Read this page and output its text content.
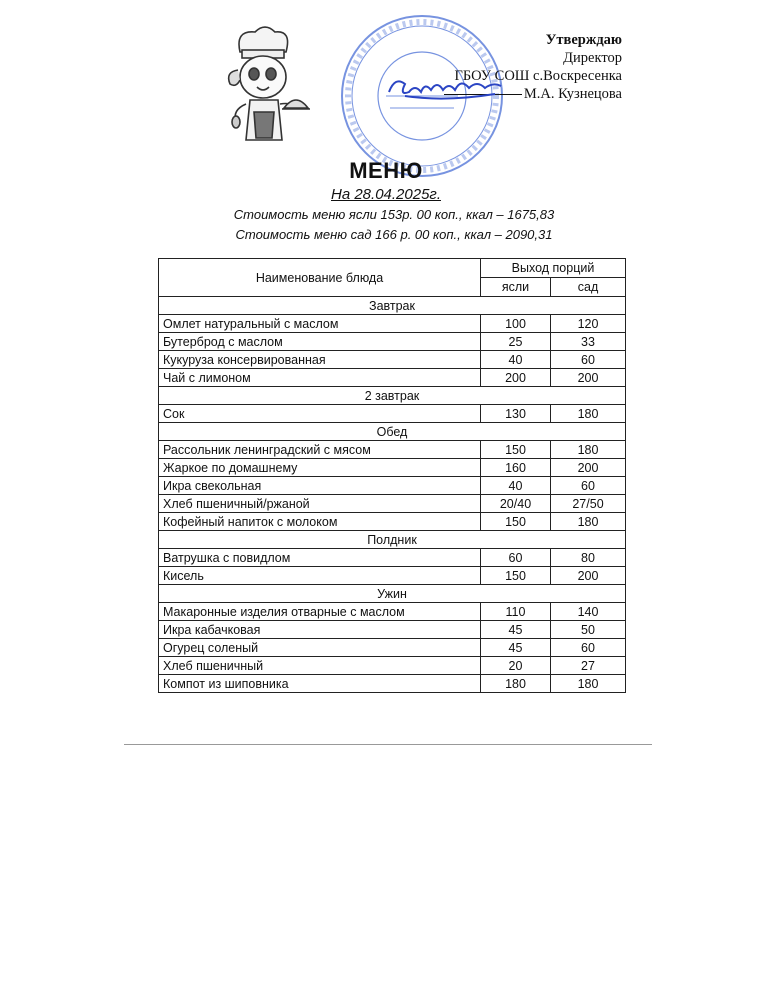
Утверждаю
Директор
ГБОУ СОШ с.Воскресенка
М.А. Кузнецова
МЕНЮ
На 28.04.2025г.
Стоимость меню ясли 153р. 00 коп., ккал – 1675,83
Стоимость меню сад 166 р. 00 коп., ккал – 2090,31
Наименование блюда	Выход порций	
	ясли	сад
Завтрак		
Омлет натуральный с маслом	100	120
Бутерброд с маслом	25	33
Кукуруза консервированная	40	60
Чай с лимоном	200	200
2 завтрак		
Сок	130	180
Обед		
Рассольник ленинградский с мясом	150	180
Жаркое по домашнему	160	200
Икра свекольная	40	60
Хлеб пшеничный/ржаной	20/40	27/50
Кофейный напиток с молоком	150	180
Полдник		
Ватрушка с повидлом	60	80
Кисель	150	200
Ужин		
Макаронные изделия отварные с маслом	110	140
Икра кабачковая	45	50
Огурец соленый	45	60
Хлеб пшеничный	20	27
Компот из шиповника	180	180
